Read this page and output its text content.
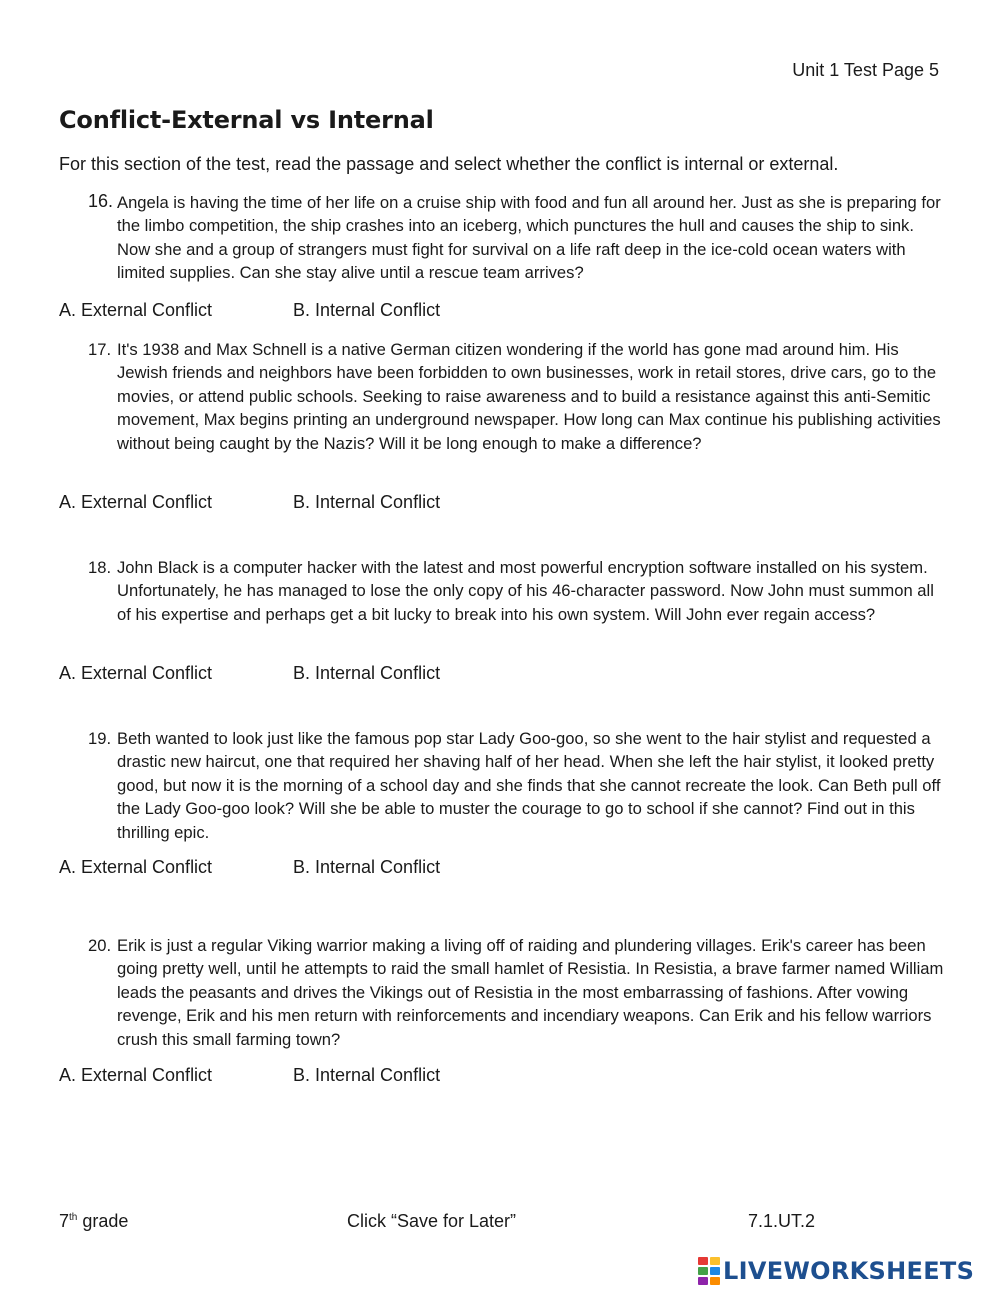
Unit 1 Test Page 5
Conflict-External vs Internal
For this section of the test, read the passage and select whether the conflict is internal or external.
16. Angela is having the time of her life on a cruise ship with food and fun all around her. Just as she is preparing for the limbo competition, the ship crashes into an iceberg, which punctures the hull and causes the ship to sink. Now she and a group of strangers must fight for survival on a life raft deep in the ice-cold ocean waters with limited supplies. Can she stay alive until a rescue team arrives?
A. External Conflict	B. Internal Conflict
17. It's 1938 and Max Schnell is a native German citizen wondering if the world has gone mad around him. His Jewish friends and neighbors have been forbidden to own businesses, work in retail stores, drive cars, go to the movies, or attend public schools. Seeking to raise awareness and to build a resistance against this anti-Semitic movement, Max begins printing an underground newspaper. How long can Max continue his publishing activities without being caught by the Nazis? Will it be long enough to make a difference?
A. External Conflict	B. Internal Conflict
18. John Black is a computer hacker with the latest and most powerful encryption software installed on his system. Unfortunately, he has managed to lose the only copy of his 46-character password. Now John must summon all of his expertise and perhaps get a bit lucky to break into his own system. Will John ever regain access?
A. External Conflict	B. Internal Conflict
19. Beth wanted to look just like the famous pop star Lady Goo-goo, so she went to the hair stylist and requested a drastic new haircut, one that required her shaving half of her head. When she left the hair stylist, it looked pretty good, but now it is the morning of a school day and she finds that she cannot recreate the look. Can Beth pull off the Lady Goo-goo look? Will she be able to muster the courage to go to school if she cannot? Find out in this thrilling epic.
A. External Conflict	B. Internal Conflict
20. Erik is just a regular Viking warrior making a living off of raiding and plundering villages. Erik's career has been going pretty well, until he attempts to raid the small hamlet of Resistia. In Resistia, a brave farmer named William leads the peasants and drives the Vikings out of Resistia in the most embarrassing of fashions. After vowing revenge, Erik and his men return with reinforcements and incendiary weapons. Can Erik and his fellow warriors crush this small farming town?
A. External Conflict	B. Internal Conflict
7th grade	Click “Save for Later”	7.1.UT.2
LIVEWORKSHEETS
